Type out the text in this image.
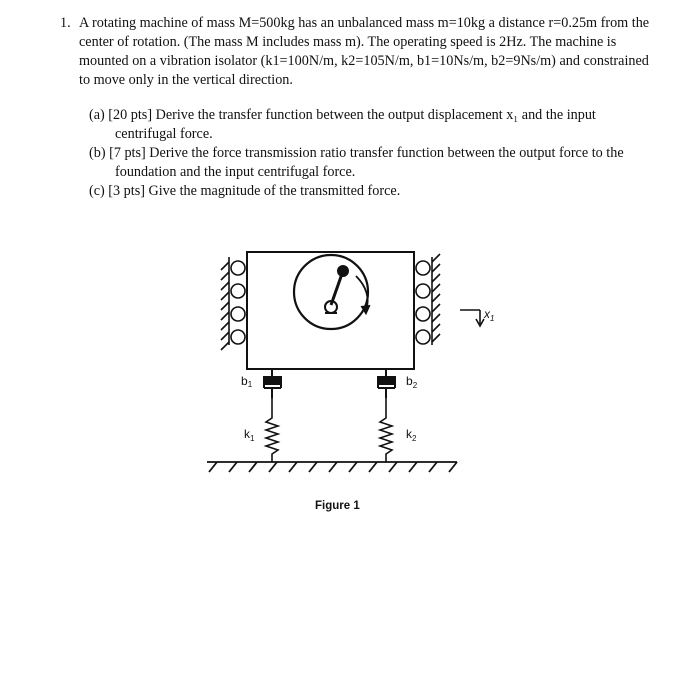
1. A rotating machine of mass M=500kg has an unbalanced mass m=10kg a distance r=0.25m from the center of rotation. (The mass M includes mass m). The operating speed is 2Hz. The machine is mounted on a vibration isolator (k1=100N/m, k2=105N/m, b1=10Ns/m, b2=9Ns/m) and constrained to move only in the vertical direction.
(a) [20 pts] Derive the transfer function between the output displacement x₁ and the input centrifugal force.
(b) [7 pts] Derive the force transmission ratio transfer function between the output force to the foundation and the input centrifugal force.
(c) [3 pts] Give the magnitude of the transmitted force.
b1	$b_2$
$k_1$	$k_2$
$x_1$
Figure 1
